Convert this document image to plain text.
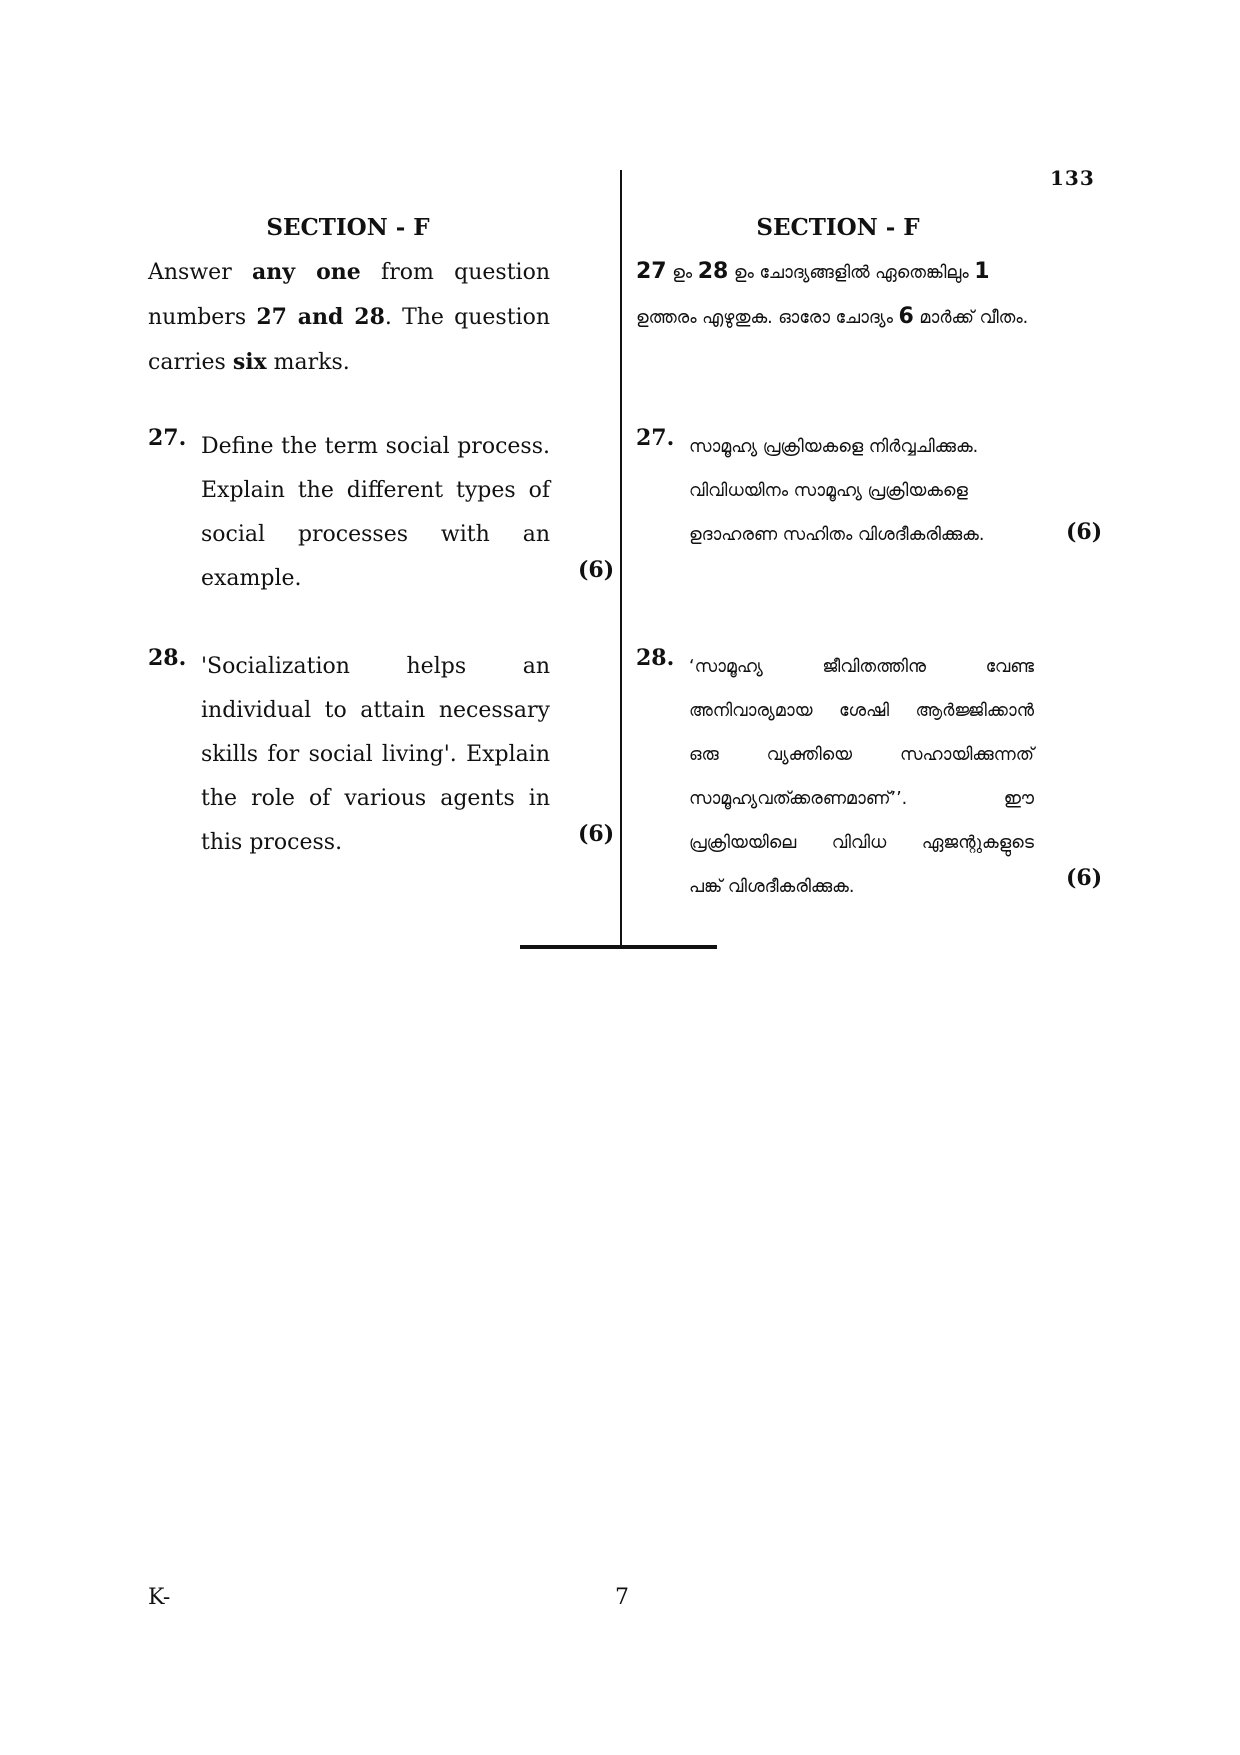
133
SECTION - F
Answer any one from question numbers 27 and 28. The question carries six marks.
27. Define the term social process.
Explain the different types of
social processes with an
example.	(6)
28. 'Socialization helps an
individual to attain necessary
skills for social living'. Explain
the role of various agents in
this process.	(6)
SECTION - F
27 ഉം 28 ഉം ചോദ്യങ്ങളിൽ ഏതെങ്കിലും 1 ഉത്തരം എഴുതുക. ഓരോ ചോദ്യം 6 മാർക്ക് വീതം.
27. സാമൂഹ്യ പ്രക്രിയകളെ നിർവ്വചിക്കുക.
വിവിധയിനം സാമൂഹ്യ പ്രക്രിയകളെ
ഉദാഹരണ സഹിതം വിശദീകരിക്കുക.	(6)
28. ‘സാമൂഹ്യ ജീവിതത്തിനു വേണ്ട
അനിവാര്യമായ ശേഷി ആർജ്ജിക്കാൻ
ഒരു വ്യക്തിയെ സഹായിക്കുന്നത്
സാമൂഹ്യവത്ക്കരണമാണ്’’. ഈ
പ്രക്രിയയിലെ വിവിധ ഏജന്റുകളുടെ
പങ്ക് വിശദീകരിക്കുക.	(6)
K-	7
